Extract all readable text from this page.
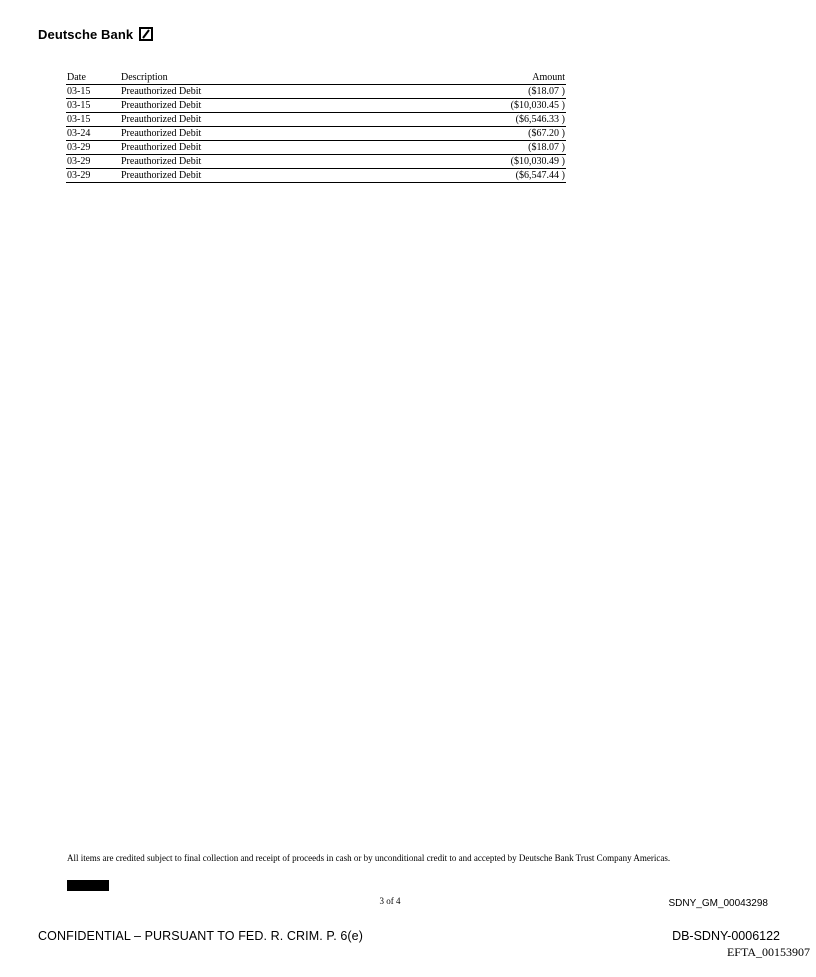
Deutsche Bank
Date	Description	Amount
03-15	Preauthorized Debit	($18.07 )
03-15	Preauthorized Debit	($10,030.45 )
03-15	Preauthorized Debit	($6,546.33 )
03-24	Preauthorized Debit	($67.20 )
03-29	Preauthorized Debit	($18.07 )
03-29	Preauthorized Debit	($10,030.49 )
03-29	Preauthorized Debit	($6,547.44 )
All items are credited subject to final collection and receipt of proceeds in cash or by unconditional credit to and accepted by Deutsche Bank Trust Company Americas.
3 of 4	SDNY_GM_00043298
CONFIDENTIAL – PURSUANT TO FED. R. CRIM. P. 6(e)	DB-SDNY-0006122
EFTA_00153907
